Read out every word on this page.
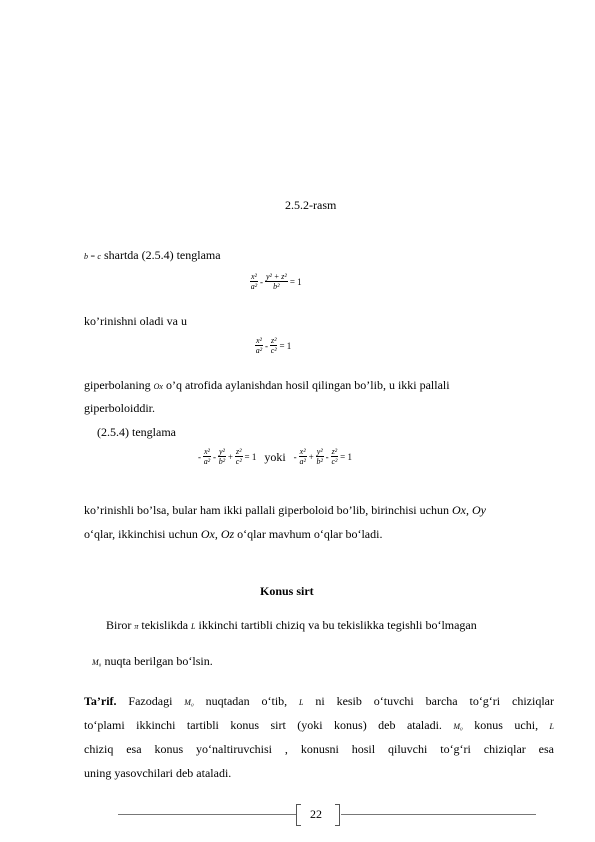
2.5.2-rasm
b = c shartda (2.5.4) tenglama
$\frac{\text{x²}}{\text{a²}} - \frac{\text{y² + z²}}{\text{b²}} = 1$
ko’rinishni oladi va u
$\frac{\text{x²}}{\text{a²}} - \frac{\text{z²}}{\text{c²}} = 1$
giperbolaning Ox o’q atrofida aylanishdan hosil qilingan bo’lib, u ikki pallali
giperboloiddir.
(2.5.4) tenglama
- $\frac{\text{x²}}{\text{a²}} - \frac{\text{y²}}{\text{b²}} + \frac{\text{z²}}{\text{c²}} = 1$ yoki - $\frac{\text{x²}}{\text{a²}} + \frac{\text{y²}}{\text{b²}} - \frac{\text{z²}}{\text{c²}} = 1$
ko’rinishli bo’lsa, bular ham ikki pallali giperboloid bo’lib, birinchisi uchun Ox, Oy
o‘qlar, ikkinchisi uchun Ox, Oz o‘qlar mavhum o‘qlar bo‘ladi.
Konus sirt
Biror π tekislikda L ikkinchi tartibli chiziq va bu tekislikka tegishli bo‘lmagan
M₀ nuqta berilgan bo‘lsin.
Ta’rif. Fazodagi M₀ nuqtadan o‘tib, L ni kesib o‘tuvchi barcha to‘g‘ri chiziqlar
to‘plami ikkinchi tartibli konus sirt (yoki konus) deb ataladi. M₀ konus uchi, L
chiziq esa konus yo‘naltiruvchisi , konusni hosil qiluvchi to‘g‘ri chiziqlar esa
uning yasovchilari deb ataladi.
22
